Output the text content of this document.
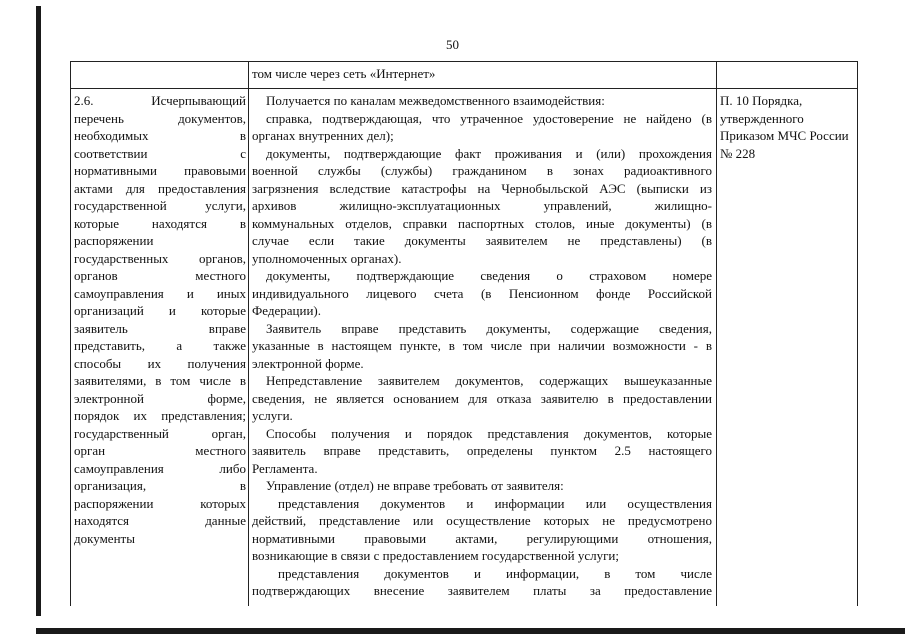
50
том числе через сеть «Интернет»
2.6. Исчерпывающий
перечень документов,
необходимых в
соответствии с
нормативными правовыми
актами для предоставления
государственной услуги,
которые находятся в
распоряжении
государственных органов,
органов местного
самоуправления и иных
организаций и которые
заявитель вправе
представить, а также
способы их получения
заявителями, в том числе в
электронной форме,
порядок их представления;
государственный орган,
орган местного
самоуправления либо
организация, в
распоряжении которых
находятся данные
документы
Получается по каналам межведомственного взаимодействия:
справка, подтверждающая, что утраченное удостоверение не найдено (в
органах внутренних дел);
документы, подтверждающие факт проживания и (или) прохождения
военной службы (службы) гражданином в зонах радиоактивного
загрязнения вследствие катастрофы на Чернобыльской АЭС (выписки из
архивов жилищно-эксплуатационных управлений, жилищно-
коммунальных отделов, справки паспортных столов, иные документы) (в
случае если такие документы заявителем не представлены) (в
уполномоченных органах).
документы, подтверждающие сведения о страховом номере
индивидуального лицевого счета (в Пенсионном фонде Российской
Федерации).
Заявитель вправе представить документы, содержащие сведения,
указанные в настоящем пункте, в том числе при наличии возможности - в
электронной форме.
Непредставление заявителем документов, содержащих вышеуказанные
сведения, не является основанием для отказа заявителю в предоставлении
услуги.
Способы получения и порядок представления документов, которые
заявитель вправе представить, определены пунктом 2.5 настоящего
Регламента.
Управление (отдел) не вправе требовать от заявителя:
представления документов и информации или осуществления
действий, представление или осуществление которых не предусмотрено
нормативными правовыми актами, регулирующими отношения,
возникающие в связи с предоставлением государственной услуги;
представления документов и информации, в том числе
подтверждающих внесение заявителем платы за предоставление
П. 10 Порядка,
утвержденного
Приказом МЧС России
№ 228
